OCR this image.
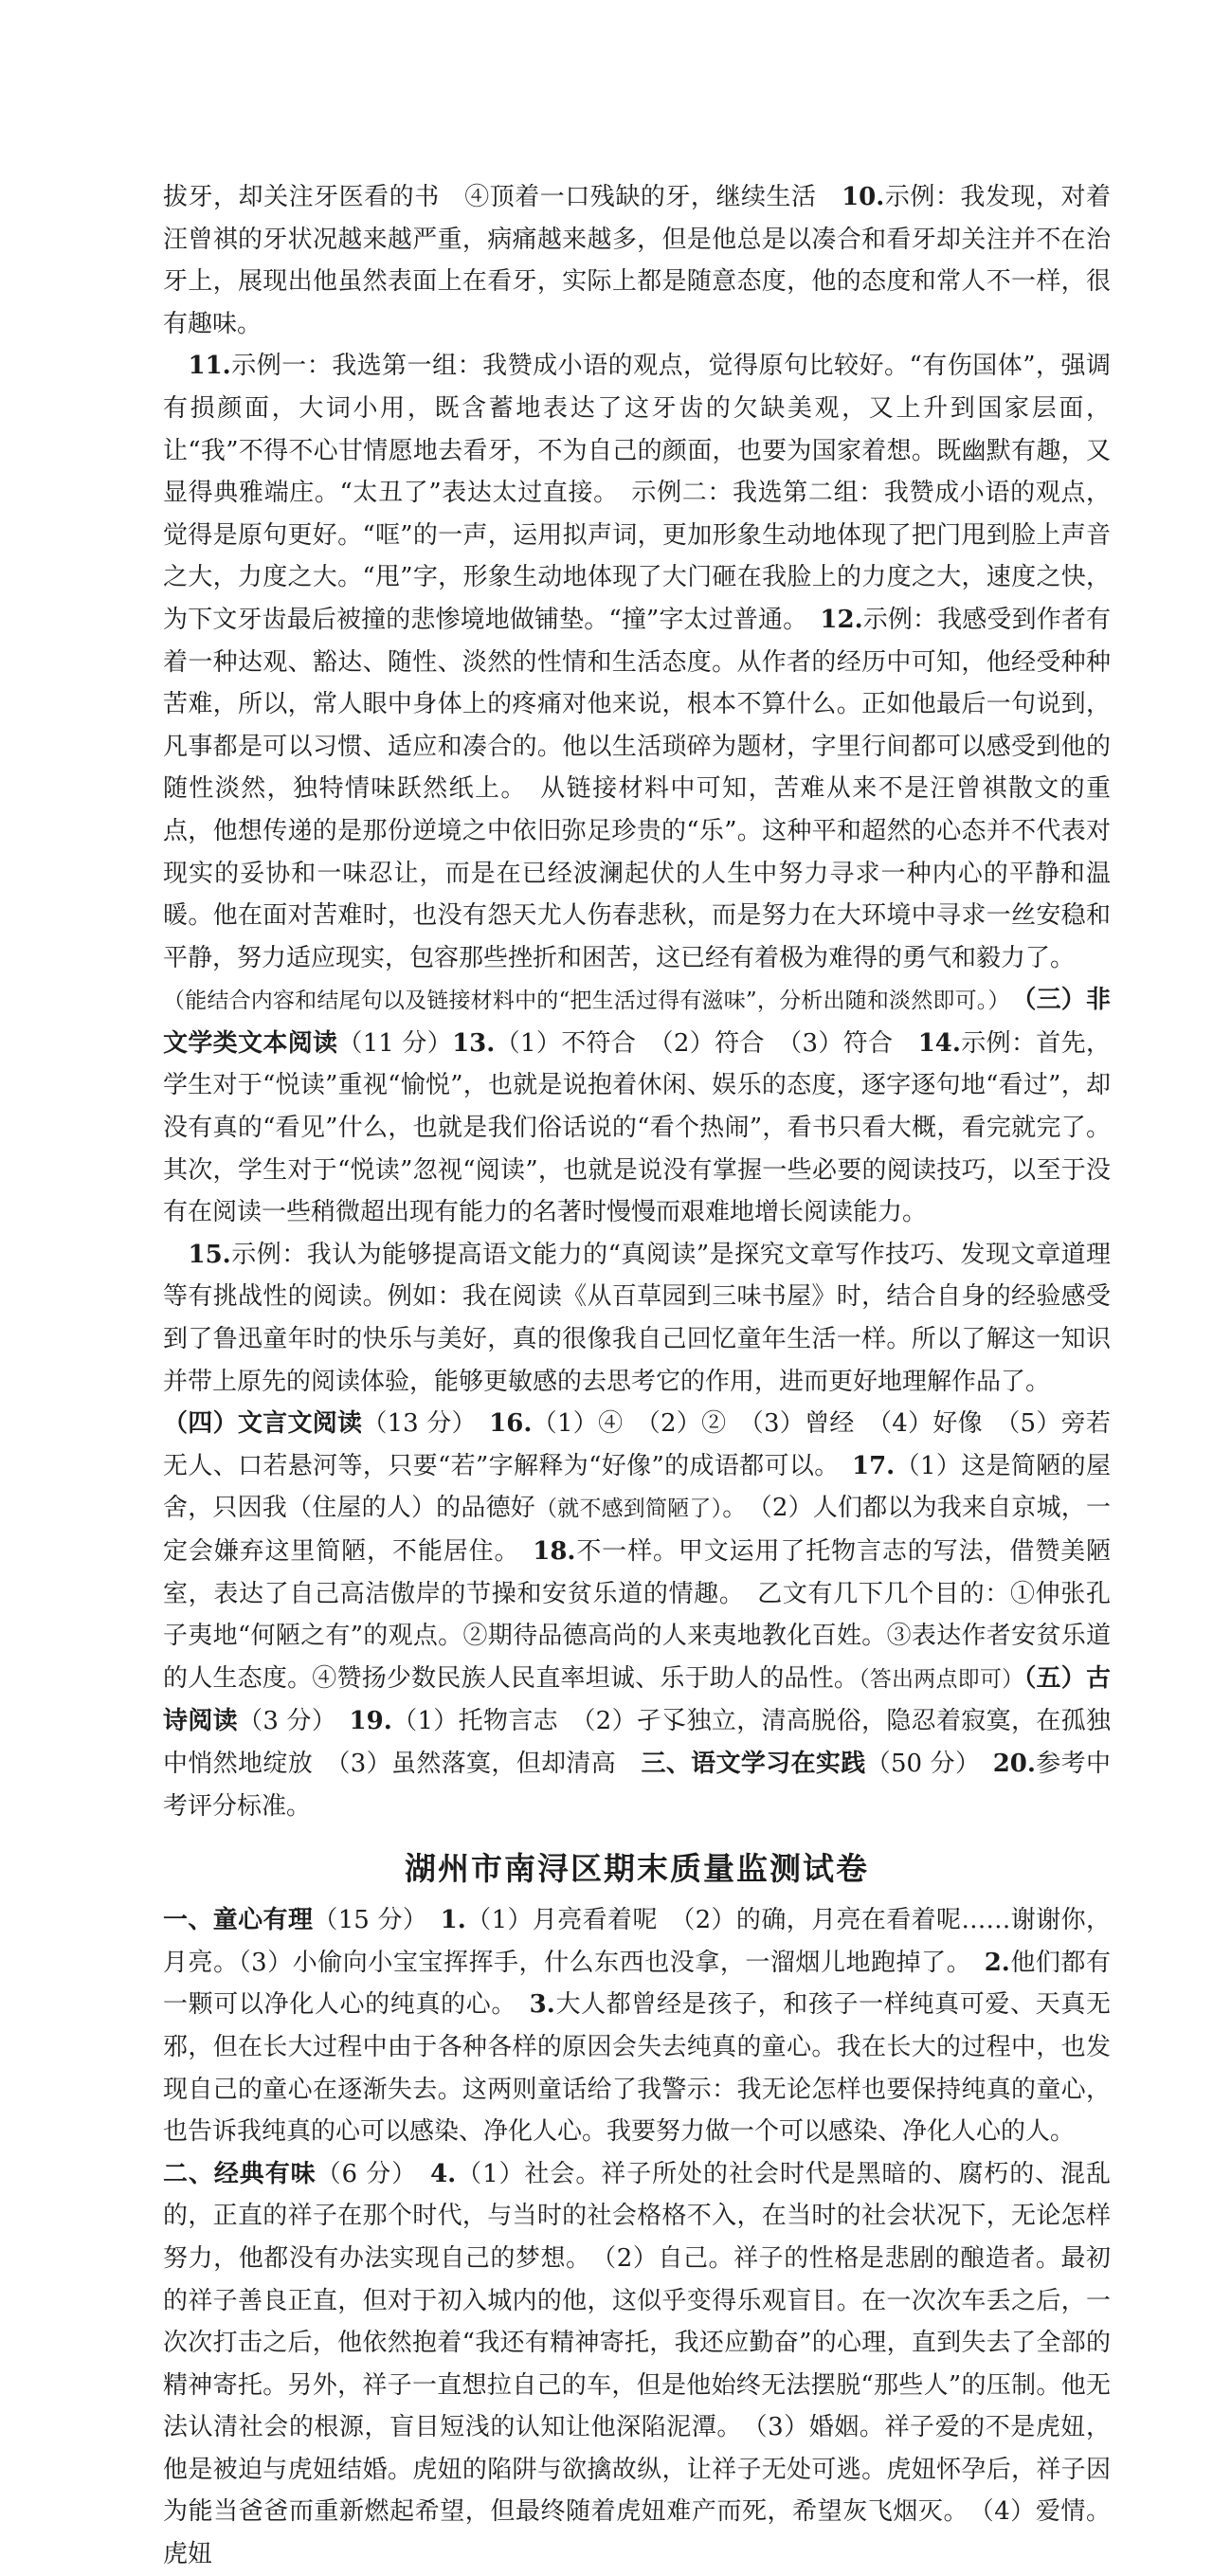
拔牙，却关注牙医看的书　④顶着一口残缺的牙，继续生活　10.示例：我发现，对着汪曾祺的牙状况越来越严重，病痛越来越多，但是他总是以凑合和看牙却关注并不在治牙上，展现出他虽然表面上在看牙，实际上都是随意态度，他的态度和常人不一样，很有趣味。

　11.示例一：我选第一组：我赞成小语的观点，觉得原句比较好。“有伤国体”，强调有损颜面，大词小用，既含蓄地表达了这牙齿的欠缺美观，又上升到国家层面，让“我”不得不心甘情愿地去看牙，不为自己的颜面，也要为国家着想。既幽默有趣，又显得典雅端庄。“太丑了”表达太过直接。　示例二：我选第二组：我赞成小语的观点，觉得是原句更好。“哐”的一声，运用拟声词，更加形象生动地体现了把门甩到脸上声音之大，力度之大。“甩”字，形象生动地体现了大门砸在我脸上的力度之大，速度之快，为下文牙齿最后被撞的悲惨境地做铺垫。“撞”字太过普通。　 12.示例：我感受到作者有着一种达观、豁达、随性、淡然的性情和生活态度。从作者的经历中可知，他经受种种苦难，所以，常人眼中身体上的疼痛对他来说，根本不算什么。正如他最后一句说到，凡事都是可以习惯、适应和凑合的。他以生活琐碎为题材，字里行间都可以感受到他的随性淡然，独特情味跃然纸上。　从链接材料中可知，苦难从来不是汪曾祺散文的重点，他想传递的是那份逆境之中依旧弥足珍贵的“乐”。这种平和超然的心态并不代表对现实的妥协和一味忍让，而是在已经波澜起伏的人生中努力寻求一种内心的平静和温暖。他在面对苦难时，也没有怨天尤人伤春悲秋，而是努力在大环境中寻求一丝安稳和平静，努力适应现实，包容那些挫折和困苦，这已经有着极为难得的勇气和毅力了。

（能结合内容和结尾句以及链接材料中的“把生活过得有滋味”，分析出随和淡然即可。）　 （三）非文学类文本阅读（11 分）13.（1）不符合　（2）符合　（3）符合　14.示例：首先，学生对于“悦读”重视“愉悦”，也就是说抱着休闲、娱乐的态度，逐字逐句地“看过”，却没有真的“看见”什么，也就是我们俗话说的“看个热闹”，看书只看大概，看完就完了。其次，学生对于“悦读”忽视“阅读”，也就是说没有掌握一些必要的阅读技巧，以至于没有在阅读一些稍微超出现有能力的名著时慢慢而艰难地增长阅读能力。

　15.示例：我认为能够提高语文能力的“真阅读”是探究文章写作技巧、发现文章道理等有挑战性的阅读。例如：我在阅读《从百草园到三味书屋》时，结合自身的经验感受到了鲁迅童年时的快乐与美好，真的很像我自己回忆童年生活一样。所以了解这一知识并带上原先的阅读体验，能够更敏感的去思考它的作用，进而更好地理解作品了。

（四）文言文阅读（13 分）　 16.（1）④　（2）②　（3）曾经　（4）好像　（5）旁若无人、口若悬河等，只要“若”字解释为“好像”的成语都可以。　17.（1）这是简陋的屋舍，只因我（住屋的人）的品德好（就不感到简陋了）。　（2）人们都以为我来自京城，一定会嫌弃这里简陋，不能居住。　18.不一样。甲文运用了托物言志的写法，借赞美陋室，表达了自己高洁傲岸的节操和安贫乐道的情趣。　乙文有几下几个目的：①伸张孔子夷地“何陋之有”的观点。②期待品德高尚的人来夷地教化百姓。③表达作者安贫乐道的人生态度。④赞扬少数民族人民直率坦诚、乐于助人的品性。（答出两点即可）（五）古诗阅读（3 分）　 19.（1）托物言志　（2）孑孓独立，清高脱俗，隐忍着寂寞，在孤独中悄然地绽放　（3）虽然落寞，但却清高　三、语文学习在实践（50 分）　 20.参考中考评分标准。

湖州市南浔区期末质量监测试卷

一、童心有理（15 分）　 1.（1）月亮看着呢　（2）的确，月亮在看着呢……谢谢你，月亮。（3）小偷向小宝宝挥挥手，什么东西也没拿，一溜烟儿地跑掉了。　2.他们都有一颗可以净化人心的纯真的心。　3.大人都曾经是孩子，和孩子一样纯真可爱、天真无邪，但在长大过程中由于各种各样的原因会失去纯真的童心。我在长大的过程中，也发现自己的童心在逐渐失去。这两则童话给了我警示：我无论怎样也要保持纯真的童心，也告诉我纯真的心可以感染、净化人心。我要努力做一个可以感染、净化人心的人。

二、经典有味（6 分）　 4.（1）社会。祥子所处的社会时代是黑暗的、腐朽的、混乱的，正直的祥子在那个时代，与当时的社会格格不入，在当时的社会状况下，无论怎样努力，他都没有办法实现自己的梦想。　（2）自己。祥子的性格是悲剧的酿造者。最初的祥子善良正直，但对于初入城内的他，这似乎变得乐观盲目。在一次次车丢之后，一次次打击之后，他依然抱着“我还有精神寄托，我还应勤奋”的心理，直到失去了全部的精神寄托。另外，祥子一直想拉自己的车，但是他始终无法摆脱“那些人”的压制。他无法认清社会的根源，盲目短浅的认知让他深陷泥潭。　（3）婚姻。祥子爱的不是虎妞，他是被迫与虎妞结婚。虎妞的陷阱与欲擒故纵，让祥子无处可逃。虎妞怀孕后，祥子因为能当爸爸而重新燃起希望，但最终随着虎妞难产而死，希望灰飞烟灭。　（4）爱情。虎妞
